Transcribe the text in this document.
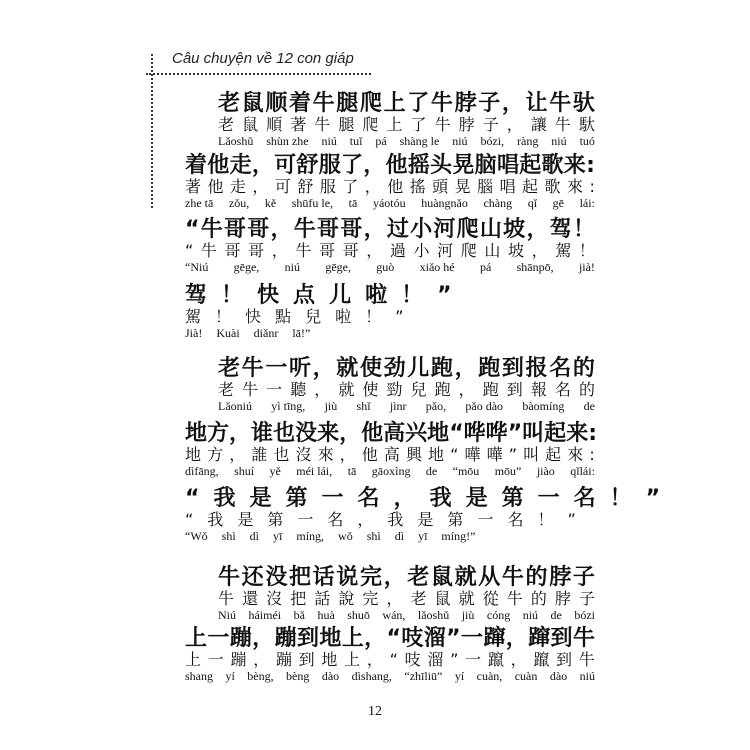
Câu chuyện về 12 con giáp
老 鼠 顺 着 牛 腿 爬 上 了 牛 脖 子 ， 让 牛 驮
老 鼠 順 著 牛 腿 爬 上 了 牛 脖 子 ， 讓 牛 馱
Lǎoshǔ shùn zhe niú tuǐ pá shàng le niú bózi, ràng niú tuó
着 他 走 ， 可 舒 服 了 ， 他 摇 头 晃 脑 唱 起 歌 来 :
著 他 走 ， 可 舒 服 了 ， 他 搖 頭 晃 腦 唱 起 歌 來 :
zhe tā zǒu, kě shūfu le, tā yáotóu huàngnǎo chàng qǐ gē lái:
“ 牛 哥 哥 ， 牛 哥 哥 ， 过 小 河 爬 山 坡 ， 驾 ！
“ 牛 哥 哥 ， 牛 哥 哥 ， 過 小 河 爬 山 坡 ， 駕 ！
“Niú gēge, niú gēge, guò xiǎo hé pá shānpō, jià!
驾 ！ 快 点 儿 啦 ！ ”
駕 ！ 快 點 兒 啦 ！ ”
Jià! Kuài diǎnr lā!”
老 牛 一 听 ， 就 使 劲 儿 跑 ， 跑 到 报 名 的
老 牛 一 聽 ， 就 使 勁 兒 跑 ， 跑 到 報 名 的
Lǎoniú yì tīng, jiù shǐ jìnr pǎo, pǎo dào bàomíng de
地 方 ， 谁 也 没 来 ， 他 高 兴 地 “ 哗 哗 ” 叫 起 来 :
地 方 ， 誰 也 沒 來 ， 他 高 興 地 “ 嘩 嘩 ” 叫 起 來 :
dìfāng, shuí yě méi lái, tā gāoxìng de “mōu mōu” jiào qǐlái:
“ 我 是 第 一 名 ， 我 是 第 一 名 ！ ”
“ 我 是 第 一 名 ， 我 是 第 一 名 ！ ”
“Wǒ shì dì yī míng, wǒ shì dì yī míng!”
牛 还 没 把 话 说 完 ， 老 鼠 就 从 牛 的 脖 子
牛 還 沒 把 話 說 完 ， 老 鼠 就 從 牛 的 脖 子
Niú háiméi bǎ huà shuō wán, lǎoshǔ jiù cóng niú de bózi
上 一 蹦 ， 蹦 到 地 上 ， “ 吱 溜 ” 一 蹿 ， 蹿 到 牛
上 一 蹦 ， 蹦 到 地 上 ， “ 吱 溜 ” 一 躥 ， 躥 到 牛
shang yí bèng, bèng dào dìshang, “zhīliū” yí cuàn, cuàn dào niú
12
